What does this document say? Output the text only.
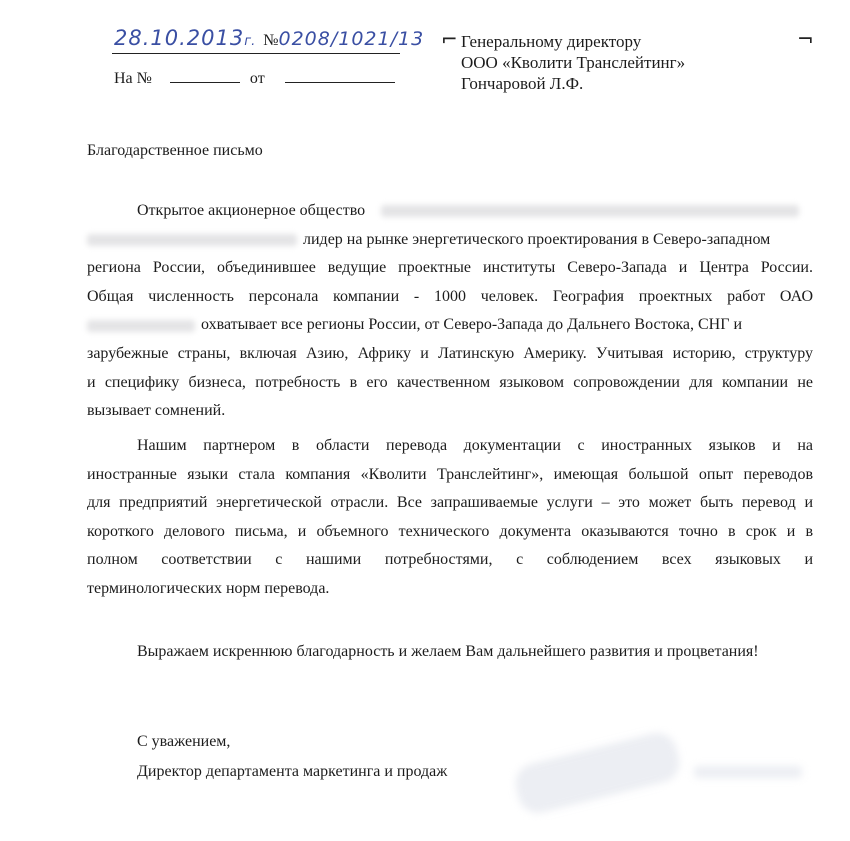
28.10.2013г. №0208/1021/13
На №	от
⌐	¬
Генеральному директору
ООО «Кволити Транслейтинг»
Гончаровой Л.Ф.
Благодарственное письмо
Открытое акционерное общество
лидер на рынке энергетического проектирования в Северо-западном
региона России, объединившее ведущие проектные институты Северо-Запада и Центра России.
Общая численность персонала компании - 1000 человек. География проектных работ ОАО
охватывает все регионы России, от Северо-Запада до Дальнего Востока, СНГ и
зарубежные страны, включая Азию, Африку и Латинскую Америку. Учитывая историю, структуру
и специфику бизнеса, потребность в его качественном языковом сопровождении для компании не
вызывает сомнений.
Нашим партнером в области перевода документации с иностранных языков и на
иностранные языки стала компания «Кволити Транслейтинг», имеющая большой опыт переводов
для предприятий энергетической отрасли. Все запрашиваемые услуги – это может быть перевод и
короткого делового письма, и объемного технического документа оказываются точно в срок и в
полном соответствии с нашими потребностями, с соблюдением всех языковых и
терминологических норм перевода.
Выражаем искреннюю благодарность и желаем Вам дальнейшего развития и процветания!
С уважением,
Директор департамента маркетинга и продаж
